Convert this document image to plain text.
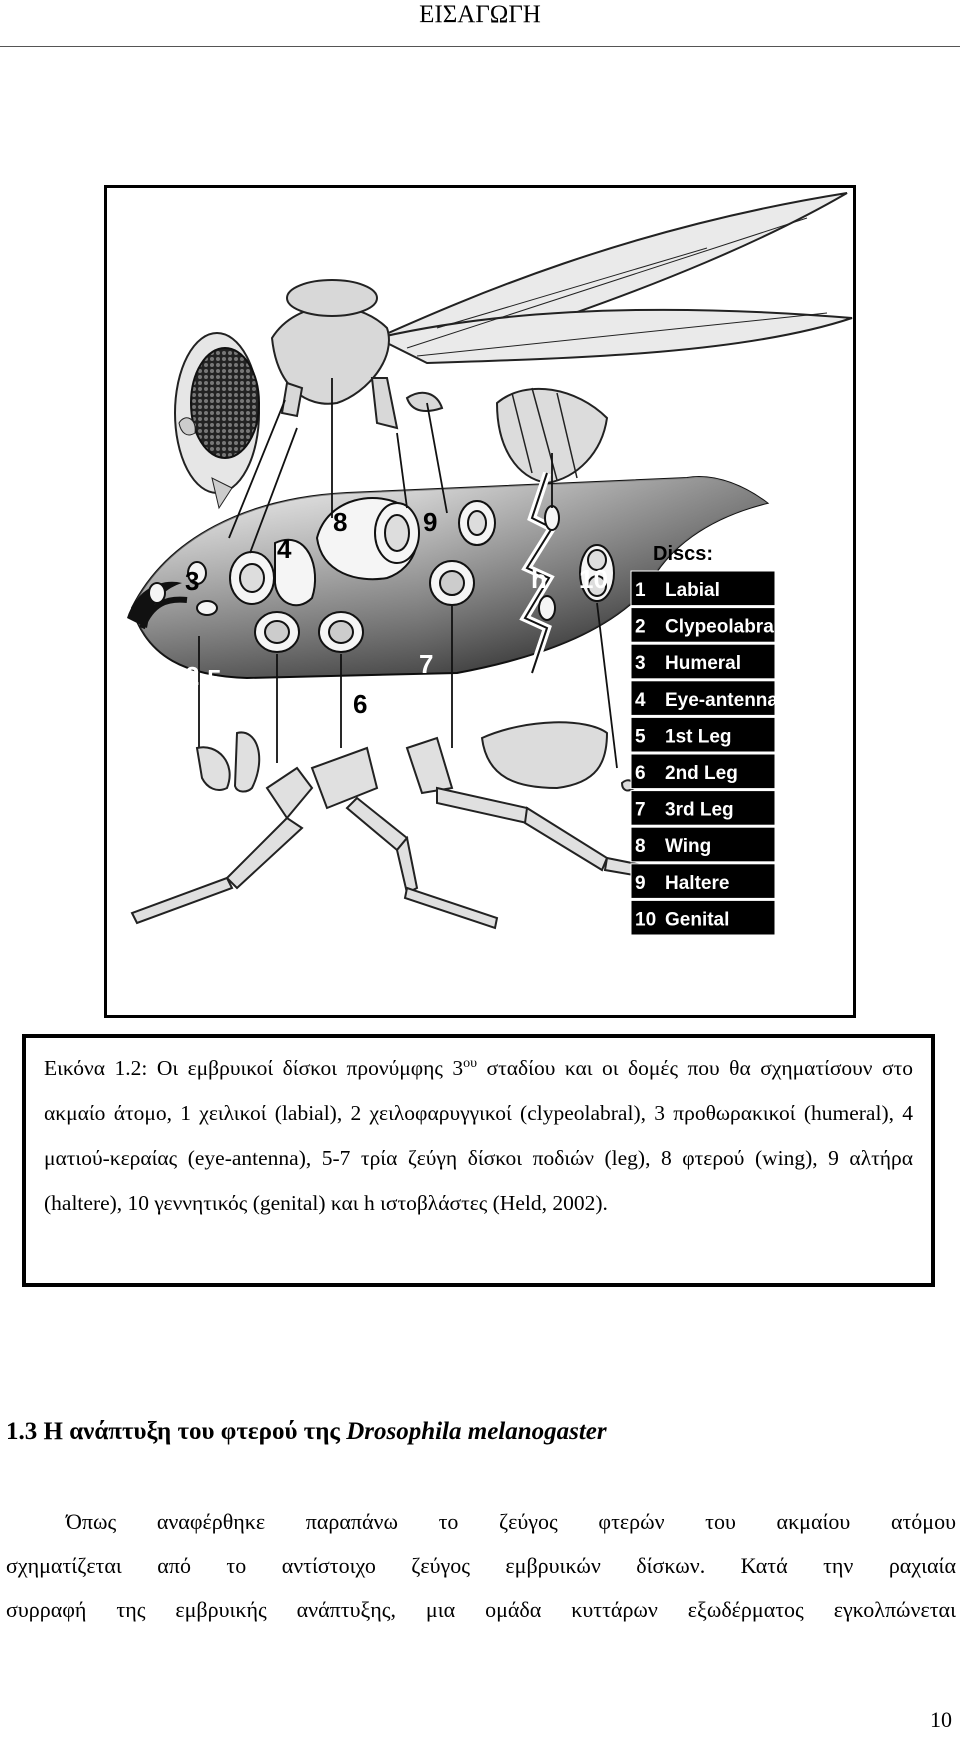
ΕΙΣΑΓΩΓΗ
1 2
3
4
5
6
7
8	9
10
h
Discs:
1 Labial
2 Clypeolabral
3 Humeral
4 Eye-antennal
5 1st Leg
6 2nd Leg
7 3rd Leg
8 Wing
9 Haltere
10 Genital
Εικόνα 1.2: Οι εμβρυικοί δίσκοι προνύμφης $3^{o\upsilon}$ σταδίου και οι δομές που θα σχηματίσουν στο ακμαίο άτομο, 1 χειλικοί (labial), 2 χειλοφαρυγγικοί (clypeolabral), 3 προθωρακικοί (humeral), 4 ματιού-κεραίας (eye-antenna), 5-7 τρία ζεύγη δίσκοι ποδιών (leg), 8 φτερού (wing), 9 αλτήρα (haltere), 10 γεννητικός (genital) και h ιστοβλάστες (Held, 2002).
1.3 Η ανάπτυξη του φτερού της Drosophila melanogaster
Όπως αναφέρθηκε παραπάνω το ζεύγος φτερών του ακμαίου ατόμου
σχηματίζεται από το αντίστοιχο ζεύγος εμβρυικών δίσκων. Κατά την ραχιαία
συρραφή της εμβρυικής ανάπτυξης, μια ομάδα κυττάρων εξωδέρματος εγκολπώνεται
10
